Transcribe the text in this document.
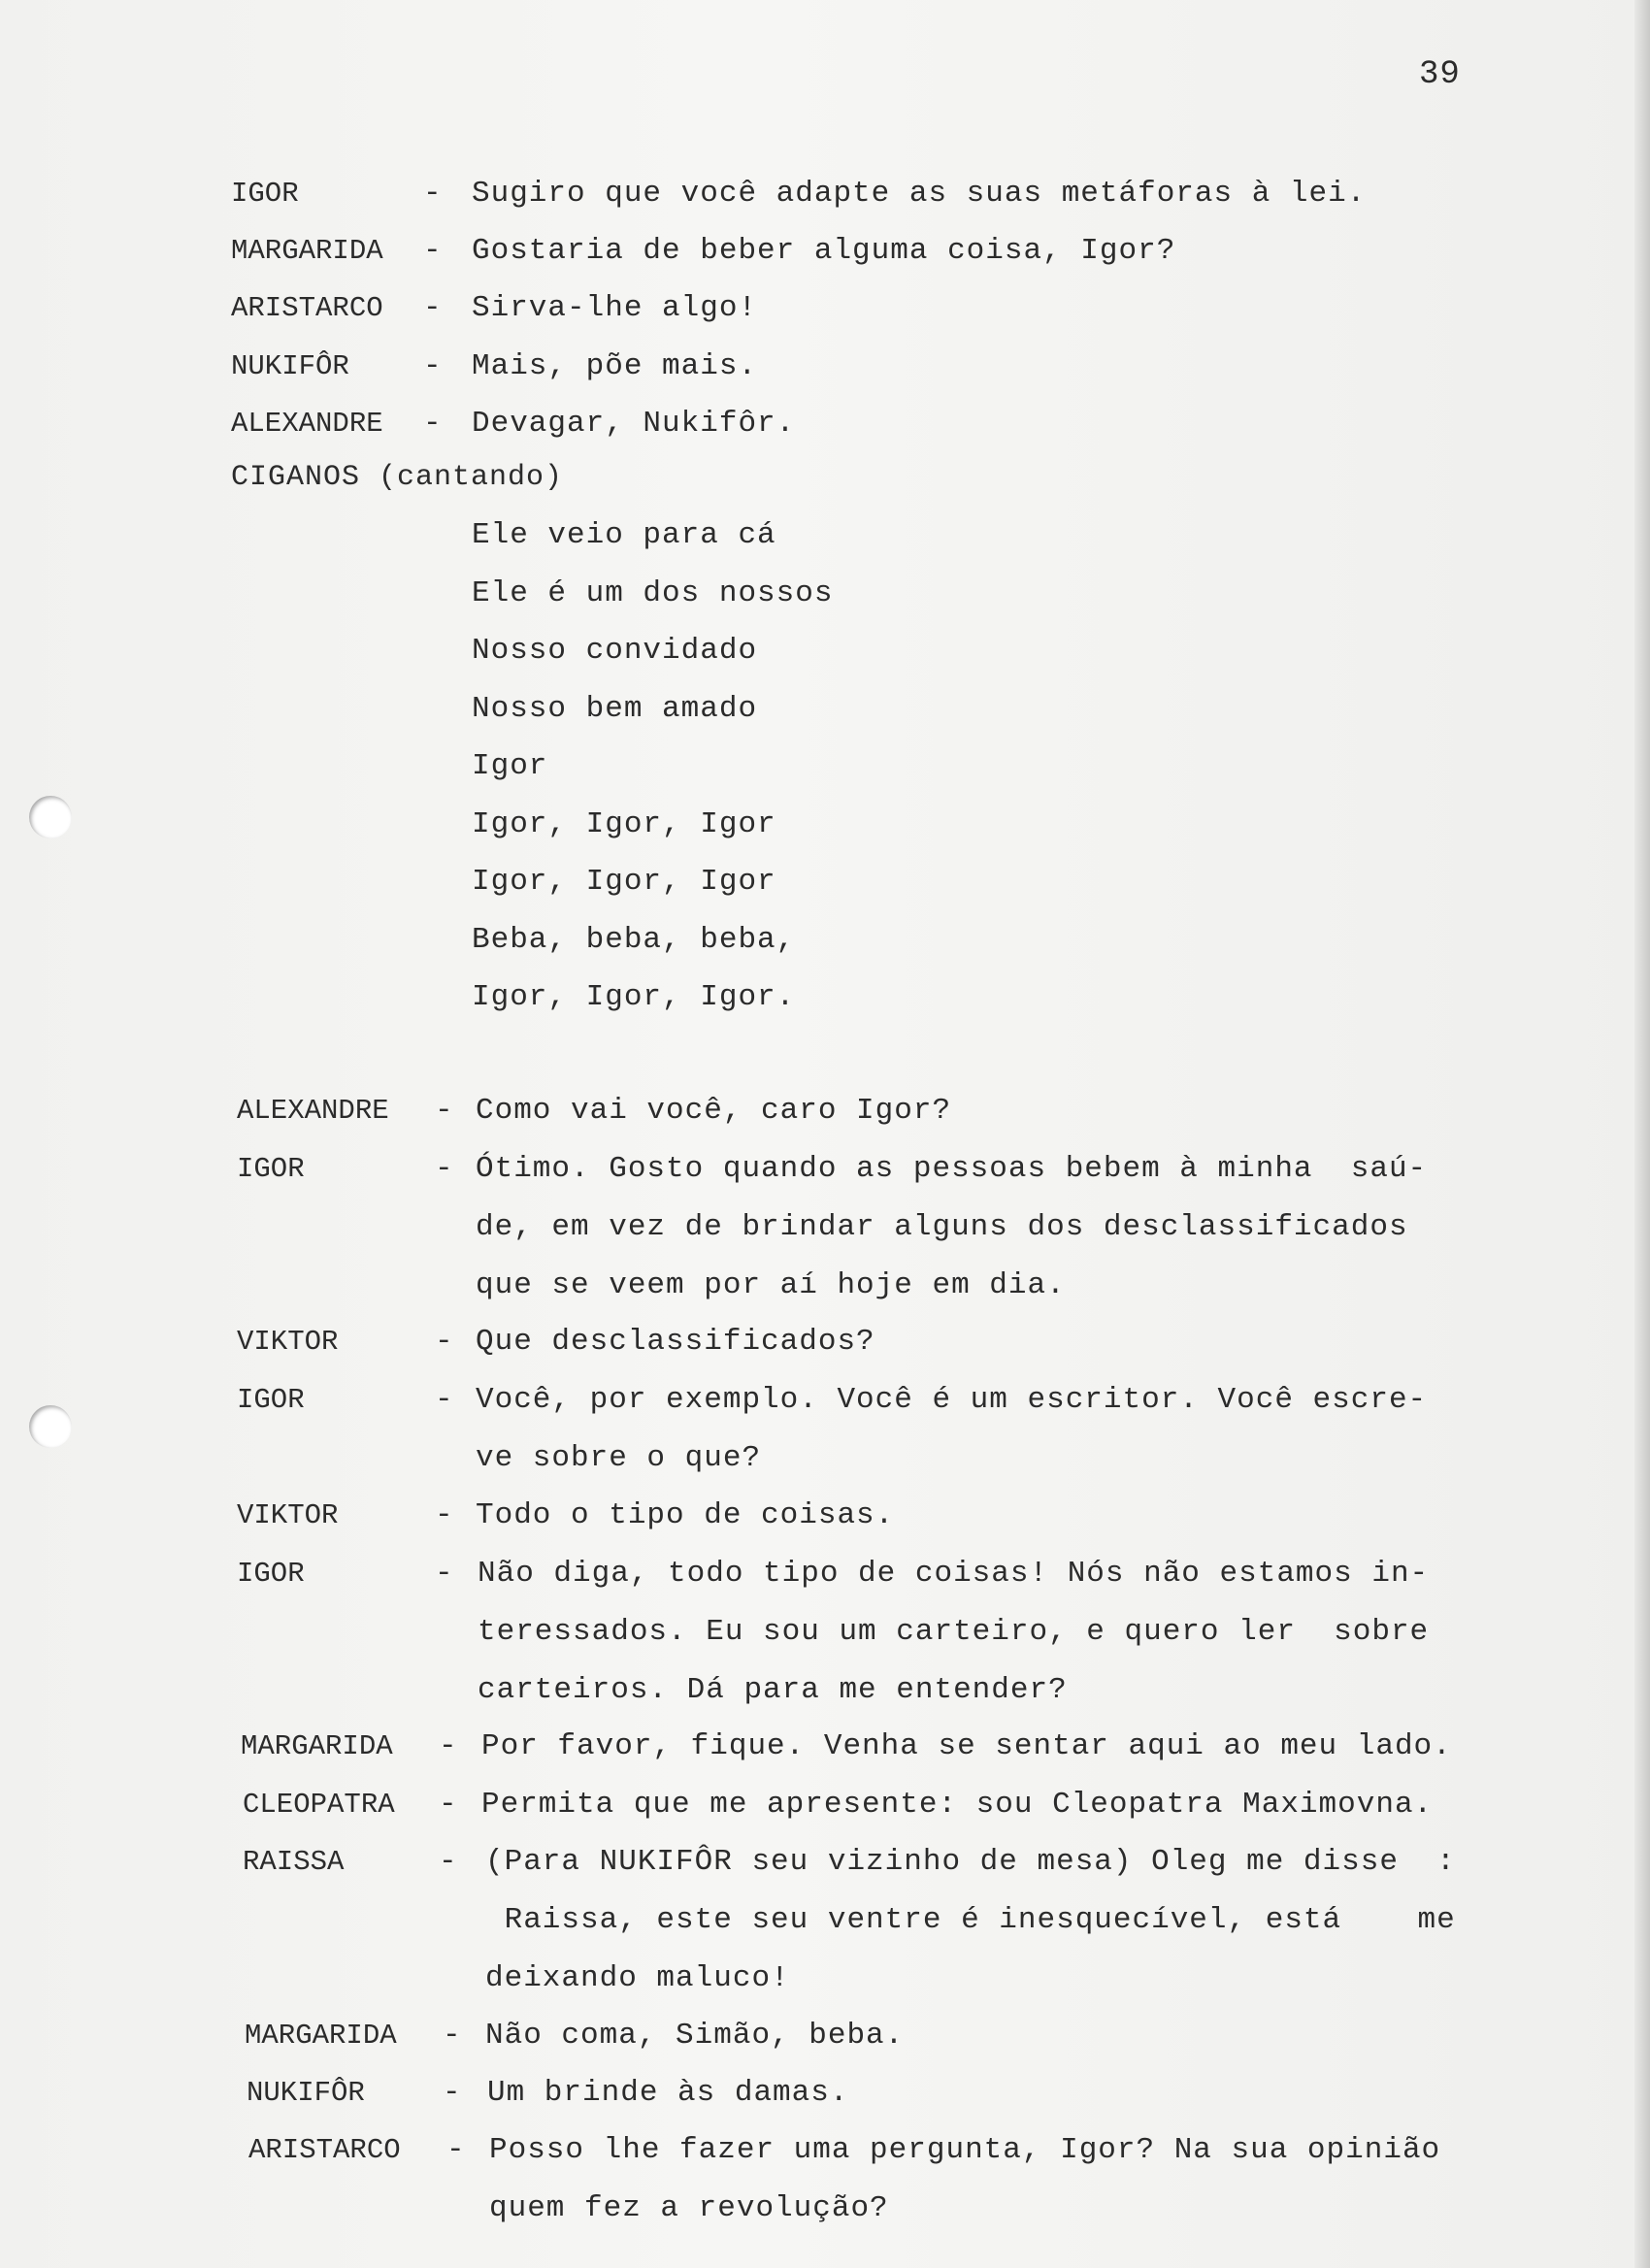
39
IGOR	- Sugiro que você adapte as suas metáforas à lei.
MARGARIDA - Gostaria de beber alguma coisa, Igor?
ARISTARCO - Sirva-lhe algo!
NUKIFÔR - Mais, põe mais.
ALEXANDRE - Devagar, Nukifôr.
CIGANOS (cantando)
Ele veio para cá
Ele é um dos nossos
Nosso convidado
Nosso bem amado
Igor
Igor, Igor, Igor
Igor, Igor, Igor
Beba, beba, beba,
Igor, Igor, Igor.
ALEXANDRE - Como vai você, caro Igor?
IGOR	- Ótimo. Gosto quando as pessoas bebem à minha  saú-
de, em vez de brindar alguns dos desclassificados
que se veem por aí hoje em dia.
VIKTOR	- Que desclassificados?
IGOR	- Você, por exemplo. Você é um escritor. Você escre-
ve sobre o que?
VIKTOR	- Todo o tipo de coisas.
IGOR	- Não diga, todo tipo de coisas! Nós não estamos in-
teressados. Eu sou um carteiro, e quero ler  sobre
carteiros. Dá para me entender?
MARGARIDA - Por favor, fique. Venha se sentar aqui ao meu lado.
CLEOPATRA - Permita que me apresente: sou Cleopatra Maximovna.
RAISSA	- (Para NUKIFÔR seu vizinho de mesa) Oleg me disse  :
Raissa, este seu ventre é inesquecível, está    me
deixando maluco!
MARGARIDA - Não coma, Simão, beba.
NUKIFÔR	- Um brinde às damas.
ARISTARCO - Posso lhe fazer uma pergunta, Igor? Na sua opinião
quem fez a revolução?
